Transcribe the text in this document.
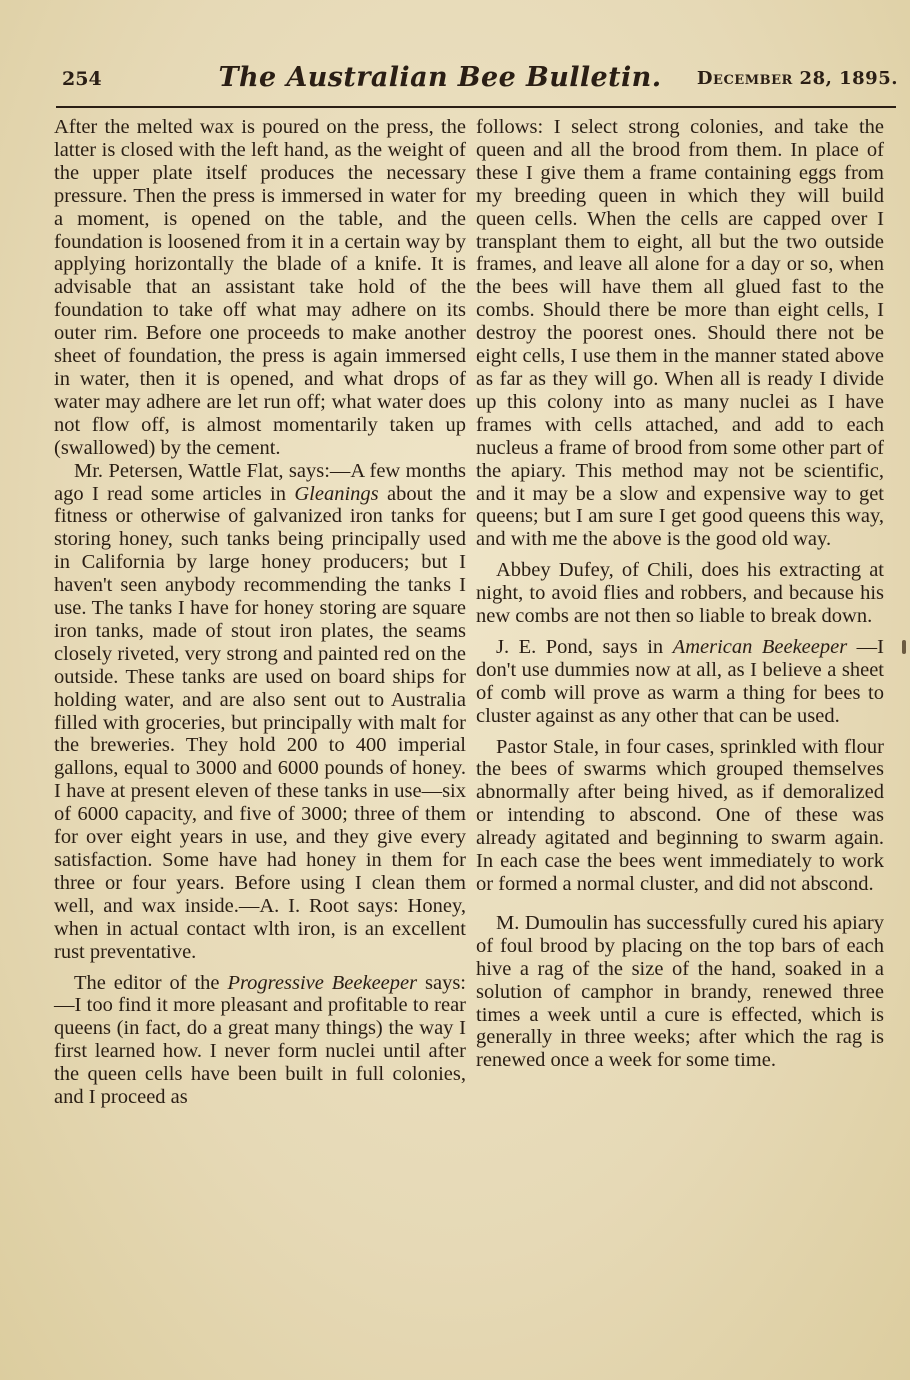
254	The Australian Bee Bulletin.	December 28, 1895.

After the melted wax is poured on the press, the latter is closed with the left hand, as the weight of the upper plate itself produces the necessary pressure. Then the press is immersed in water for a moment, is opened on the table, and the foundation is loosened from it in a certain way by applying horizontally the blade of a knife. It is advisable that an assistant take hold of the foundation to take off what may adhere on its outer rim. Before one proceeds to make another sheet of foundation, the press is again immersed in water, then it is opened, and what drops of water may adhere are let run off; what water does not flow off, is almost momentarily taken up (swallowed) by the cement.

Mr. Petersen, Wattle Flat, says:—A few months ago I read some articles in Gleanings about the fitness or otherwise of galvanized iron tanks for storing honey, such tanks being principally used in California by large honey producers; but I haven't seen anybody recommending the tanks I use. The tanks I have for honey storing are square iron tanks, made of stout iron plates, the seams closely riveted, very strong and painted red on the outside. These tanks are used on board ships for holding water, and are also sent out to Australia filled with groceries, but principally with malt for the breweries. They hold 200 to 400 imperial gallons, equal to 3000 and 6000 pounds of honey. I have at present eleven of these tanks in use—six of 6000 capacity, and five of 3000; three of them for over eight years in use, and they give every satisfaction. Some have had honey in them for three or four years. Before using I clean them well, and wax inside.—A. I. Root says: Honey, when in actual contact wlth iron, is an excellent rust preventative.

The editor of the Progressive Beekeeper says:—I too find it more pleasant and profitable to rear queens (in fact, do a great many things) the way I first learned how. I never form nuclei until after the queen cells have been built in full colonies, and I proceed as

follows: I select strong colonies, and take the queen and all the brood from them. In place of these I give them a frame containing eggs from my breeding queen in which they will build queen cells. When the cells are capped over I transplant them to eight, all but the two outside frames, and leave all alone for a day or so, when the bees will have them all glued fast to the combs. Should there be more than eight cells, I destroy the poorest ones. Should there not be eight cells, I use them in the manner stated above as far as they will go. When all is ready I divide up this colony into as many nuclei as I have frames with cells attached, and add to each nucleus a frame of brood from some other part of the apiary. This method may not be scientific, and it may be a slow and expensive way to get queens; but I am sure I get good queens this way, and with me the above is the good old way.

Abbey Dufey, of Chili, does his extracting at night, to avoid flies and robbers, and because his new combs are not then so liable to break down.

J. E. Pond, says in American Beekeeper —I don't use dummies now at all, as I believe a sheet of comb will prove as warm a thing for bees to cluster against as any other that can be used.

Pastor Stale, in four cases, sprinkled with flour the bees of swarms which grouped themselves abnormally after being hived, as if demoralized or intending to abscond. One of these was already agitated and beginning to swarm again. In each case the bees went immediately to work or formed a normal cluster, and did not abscond.

M. Dumoulin has successfully cured his apiary of foul brood by placing on the top bars of each hive a rag of the size of the hand, soaked in a solution of camphor in brandy, renewed three times a week until a cure is effected, which is generally in three weeks; after which the rag is renewed once a week for some time.
